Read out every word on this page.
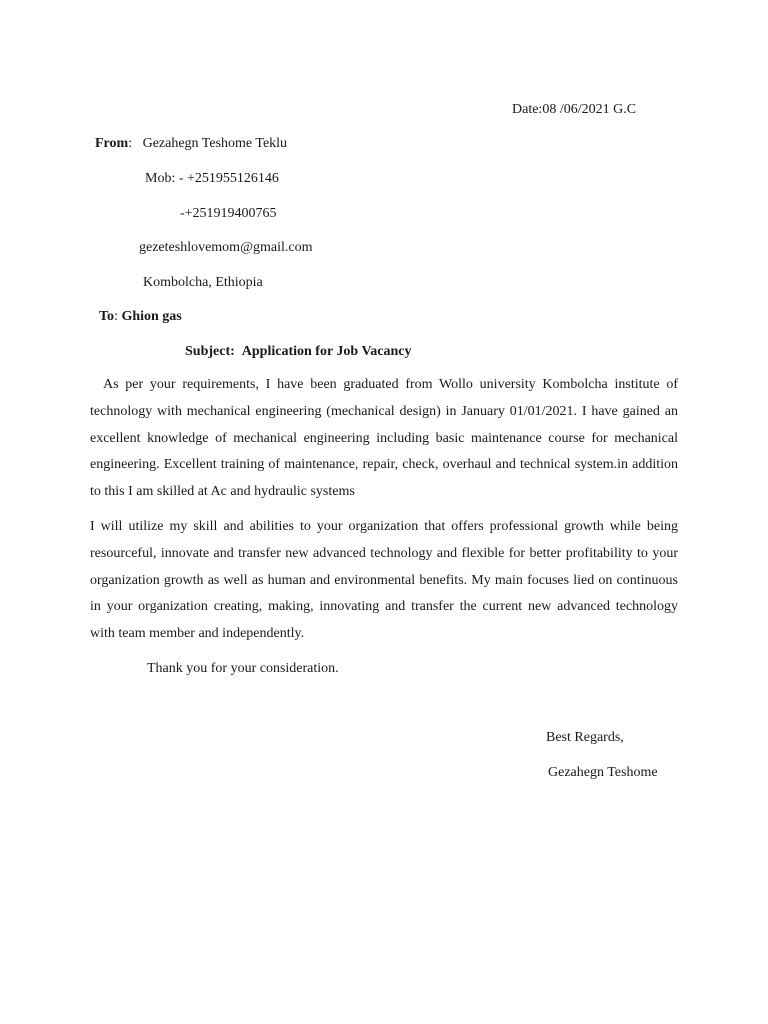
Date:08 /06/2021 G.C
From: Gezahegn Teshome Teklu
Mob: - +251955126146
-+251919400765
gezeteshlovemom@gmail.com
Kombolcha, Ethiopia
To: Ghion gas
Subject: Application for Job Vacancy
As per your requirements, I have been graduated from Wollo university Kombolcha institute of technology with mechanical engineering (mechanical design) in January 01/01/2021. I have gained an excellent knowledge of mechanical engineering including basic maintenance course for mechanical engineering. Excellent training of maintenance, repair, check, overhaul and technical system.in addition to this I am skilled at Ac and hydraulic systems
I will utilize my skill and abilities to your organization that offers professional growth while being resourceful, innovate and transfer new advanced technology and flexible for better profitability to your organization growth as well as human and environmental benefits. My main focuses lied on continuous in your organization creating, making, innovating and transfer the current new advanced technology with team member and independently.
Thank you for your consideration.
Best Regards,
Gezahegn Teshome
